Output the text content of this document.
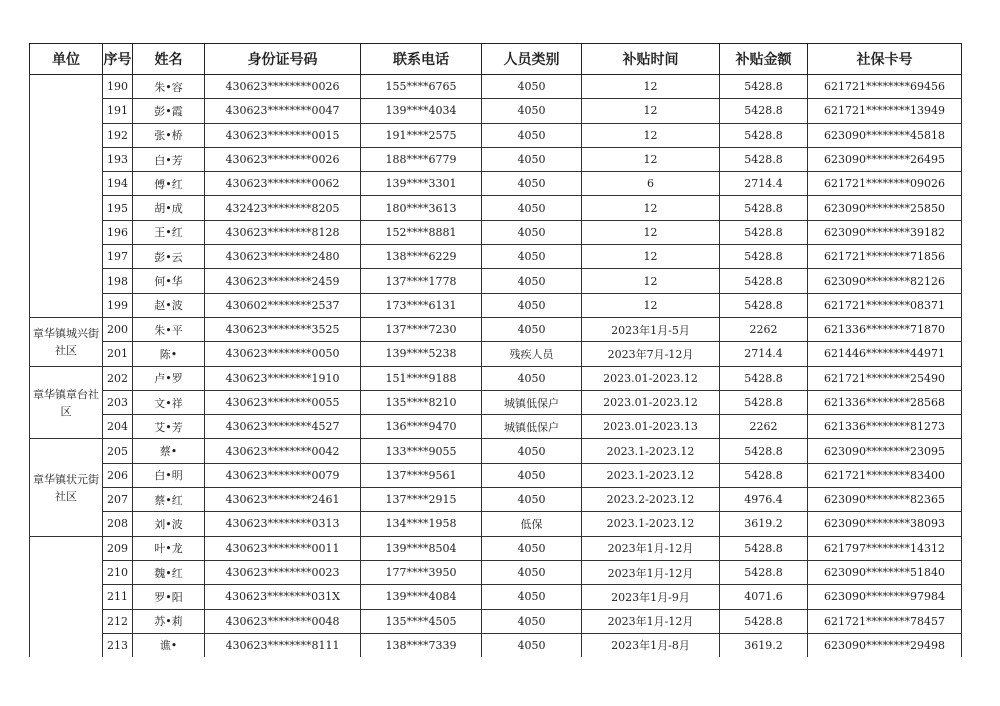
单位	序号	姓名	身份证号码	联系电话	人员类别	补贴时间	补贴金额	社保卡号
	190	朱•容	430623********0026	155****6765	4050	12	5428.8	621721********69456
	191	彭•霞	430623********0047	139****4034	4050	12	5428.8	621721********13949
	192	张•桥	430623********0015	191****2575	4050	12	5428.8	623090********45818
	193	白•芳	430623********0026	188****6779	4050	12	5428.8	623090********26495
	194	傅•红	430623********0062	139****3301	4050	6	2714.4	621721********09026
	195	胡•成	432423********8205	180****3613	4050	12	5428.8	623090********25850
	196	王•红	430623********8128	152****8881	4050	12	5428.8	623090********39182
	197	彭•云	430623********2480	138****6229	4050	12	5428.8	621721********71856
	198	何•华	430623********2459	137****1778	4050	12	5428.8	623090********82126
	199	赵•波	430602********2537	173****6131	4050	12	5428.8	621721********08371
章华镇城兴街社区	200	朱•平	430623********3525	137****7230	4050	2023年1月-5月	2262	621336********71870
	201	陈•	430623********0050	139****5238	残疾人员	2023年7月-12月	2714.4	621446********44971
章华镇章台社区	202	卢•罗	430623********1910	151****9188	4050	2023.01-2023.12	5428.8	621721********25490
	203	文•祥	430623********0055	135****8210	城镇低保户	2023.01-2023.12	5428.8	621336********28568
	204	艾•芳	430623********4527	136****9470	城镇低保户	2023.01-2023.13	2262	621336********81273
章华镇状元街社区	205	蔡•	430623********0042	133****9055	4050	2023.1-2023.12	5428.8	623090********23095
	206	白•明	430623********0079	137****9561	4050	2023.1-2023.12	5428.8	621721********83400
	207	蔡•红	430623********2461	137****2915	4050	2023.2-2023.12	4976.4	623090********82365
	208	刘•波	430623********0313	134****1958	低保	2023.1-2023.12	3619.2	623090********38093
	209	叶•龙	430623********0011	139****8504	4050	2023年1月-12月	5428.8	621797********14312
	210	魏•红	430623********0023	177****3950	4050	2023年1月-12月	5428.8	623090********51840
	211	罗•阳	430623********031X	139****4084	4050	2023年1月-9月	4071.6	623090********97984
	212	苏•莉	430623********0048	135****4505	4050	2023年1月-12月	5428.8	621721********78457
	213	谯•	430623********8111	138****7339	4050	2023年1月-8月	3619.2	623090********29498
